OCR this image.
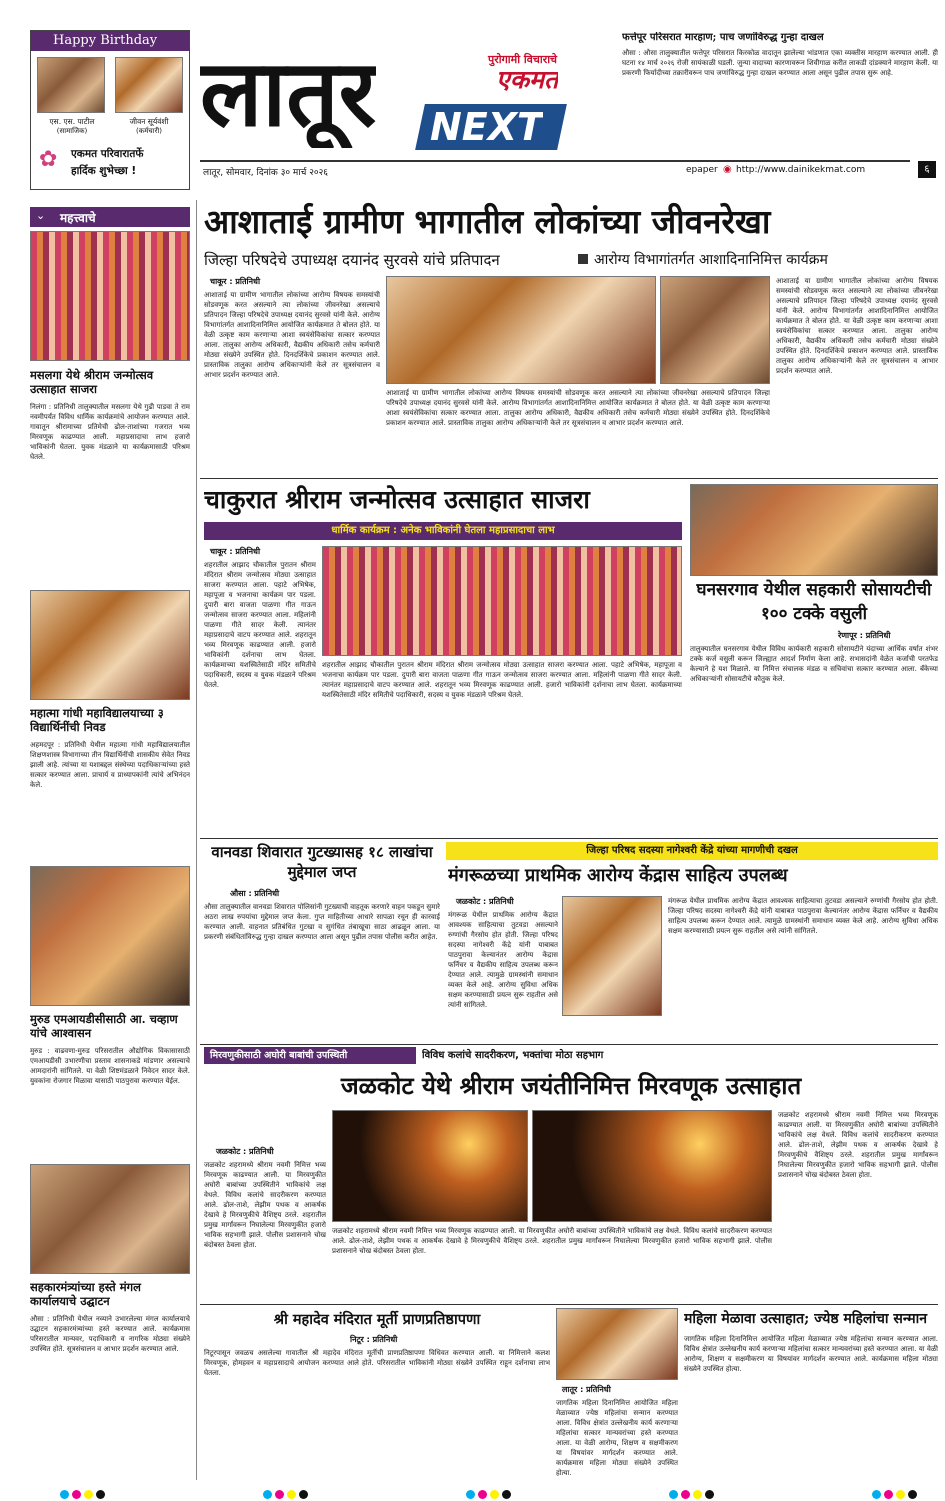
Happy Birthday
एस. एस. पाटील
(सामाजिक)
जीवन सूर्यवंशी
(कर्मचारी)
✿ एकमत परिवारातर्फे
हार्दिक शुभेच्छा !
लातूर	पुरोगामी विचाराचे
एकमत
NEXT
लातूर, सोमवार, दिनांक ३० मार्च २०२६	epaper ◉ http://www.dainikekmat.com	६
फत्तेपूर परिसरात मारहाण; पाच जणांविरुद्ध गुन्हा दाखल
औसा : औसा तालुक्यातील फत्तेपूर परिसरात किरकोळ वादातून झालेल्या भांडणात एका व्यक्तीस मारहाण करण्यात आली. ही घटना १४ मार्च २०२६ रोजी सायंकाळी घडली. जुन्या वादाच्या कारणावरून शिवीगाळ करीत लाकडी दांडक्याने मारहाण केली. या प्रकरणी फिर्यादीच्या तक्रारीवरून पाच जणांविरुद्ध गुन्हा दाखल करण्यात आला असून पुढील तपास सुरू आहे.
⌄ महत्त्वाचे
मसलगा येथे श्रीराम जन्मोत्सव उत्साहात साजरा
निलंगा : प्रतिनिधी तालुक्यातील मसलगा येथे गुढी पाडवा ते राम नवमीपर्यंत विविध धार्मिक कार्यक्रमांचे आयोजन करण्यात आले. गावातून श्रीरामाच्या प्रतिमेची ढोल-ताशांच्या गजरात भव्य मिरवणूक काढण्यात आली. महाप्रसादाचा लाभ हजारो भाविकांनी घेतला. युवक मंडळाने या कार्यक्रमासाठी परिश्रम घेतले.
महात्मा गांधी महाविद्यालयाच्या ३ विद्यार्थिनींची निवड
अहमदपूर : प्रतिनिधी येथील महात्मा गांधी महाविद्यालयातील शिक्षणशास्त्र विभागाच्या तीन विद्यार्थिनींची शासकीय सेवेत निवड झाली आहे. त्यांच्या या यशाबद्दल संस्थेच्या पदाधिकाऱ्यांच्या हस्ते सत्कार करण्यात आला. प्राचार्य व प्राध्यापकांनी त्यांचे अभिनंदन केले.
मुरुड एमआयडीसीसाठी आ. चव्हाण यांचे आश्वासन
मुरुड : वाढवणा-मुरुड परिसरातील औद्योगिक विकासासाठी एमआयडीसी उभारणीचा प्रस्ताव शासनाकडे मांडणार असल्याचे आमदारांनी सांगितले. या वेळी शिष्टमंडळाने निवेदन सादर केले. युवकांना रोजगार मिळावा यासाठी पाठपुरावा करण्यात येईल.
सहकारमंत्र्यांच्या हस्ते मंगल कार्यालयाचे उद्घाटन
औसा : प्रतिनिधी येथील नव्याने उभारलेल्या मंगल कार्यालयाचे उद्घाटन सहकारमंत्र्यांच्या हस्ते करण्यात आले. कार्यक्रमास परिसरातील मान्यवर, पदाधिकारी व नागरिक मोठ्या संख्येने उपस्थित होते. सूत्रसंचालन व आभार प्रदर्शन करण्यात आले.
आशाताई ग्रामीण भागातील लोकांच्या जीवनरेखा
जिल्हा परिषदेचे उपाध्यक्ष दयानंद सुरवसे यांचे प्रतिपादन	आरोग्य विभागांतर्गत आशादिनानिमित्त कार्यक्रम
चाकूर : प्रतिनिधी
आशाताई या ग्रामीण भागातील लोकांच्या आरोग्य विषयक समस्यांची सोडवणूक करत असल्याने त्या लोकांच्या जीवनरेखा असल्याचे प्रतिपादन जिल्हा परिषदेचे उपाध्यक्ष दयानंद सुरवसे यांनी केले. आरोग्य विभागांतर्गत आशादिनानिमित्त आयोजित कार्यक्रमात ते बोलत होते. या वेळी उत्कृष्ट काम करणाऱ्या आशा स्वयंसेविकांचा सत्कार करण्यात आला. तालुका आरोग्य अधिकारी, वैद्यकीय अधिकारी तसेच कर्मचारी मोठ्या संख्येने उपस्थित होते. दिनदर्शिकेचे प्रकाशन करण्यात आले. प्रास्ताविक तालुका आरोग्य अधिकाऱ्यांनी केले तर सूत्रसंचालन व आभार प्रदर्शन करण्यात आले.
आशाताई या ग्रामीण भागातील लोकांच्या आरोग्य विषयक समस्यांची सोडवणूक करत असल्याने त्या लोकांच्या जीवनरेखा असल्याचे प्रतिपादन जिल्हा परिषदेचे उपाध्यक्ष दयानंद सुरवसे यांनी केले. आरोग्य विभागांतर्गत आशादिनानिमित्त आयोजित कार्यक्रमात ते बोलत होते. या वेळी उत्कृष्ट काम करणाऱ्या आशा स्वयंसेविकांचा सत्कार करण्यात आला. तालुका आरोग्य अधिकारी, वैद्यकीय अधिकारी तसेच कर्मचारी मोठ्या संख्येने उपस्थित होते. दिनदर्शिकेचे प्रकाशन करण्यात आले. प्रास्ताविक तालुका आरोग्य अधिकाऱ्यांनी केले तर सूत्रसंचालन व आभार प्रदर्शन करण्यात आले.
आशाताई या ग्रामीण भागातील लोकांच्या आरोग्य विषयक समस्यांची सोडवणूक करत असल्याने त्या लोकांच्या जीवनरेखा असल्याचे प्रतिपादन जिल्हा परिषदेचे उपाध्यक्ष दयानंद सुरवसे यांनी केले. आरोग्य विभागांतर्गत आशादिनानिमित्त आयोजित कार्यक्रमात ते बोलत होते. या वेळी उत्कृष्ट काम करणाऱ्या आशा स्वयंसेविकांचा सत्कार करण्यात आला. तालुका आरोग्य अधिकारी, वैद्यकीय अधिकारी तसेच कर्मचारी मोठ्या संख्येने उपस्थित होते. दिनदर्शिकेचे प्रकाशन करण्यात आले. प्रास्ताविक तालुका आरोग्य अधिकाऱ्यांनी केले तर सूत्रसंचालन व आभार प्रदर्शन करण्यात आले.
चाकुरात श्रीराम जन्मोत्सव उत्साहात साजरा
धार्मिक कार्यक्रम : अनेक भाविकांनी घेतला महाप्रसादाचा लाभ
चाकूर : प्रतिनिधी
शहरातील आझाद चौकातील पुरातन श्रीराम मंदिरात श्रीराम जन्मोत्सव मोठ्या उत्साहात साजरा करण्यात आला. पहाटे अभिषेक, महापूजा व भजनाचा कार्यक्रम पार पडला. दुपारी बारा वाजता पाळणा गीत गाऊन जन्मोत्सव साजरा करण्यात आला. महिलांनी पाळणा गीते सादर केली. त्यानंतर महाप्रसादाचे वाटप करण्यात आले. शहरातून भव्य मिरवणूक काढण्यात आली. हजारो भाविकांनी दर्शनाचा लाभ घेतला. कार्यक्रमाच्या यशस्वितेसाठी मंदिर समितीचे पदाधिकारी, सदस्य व युवक मंडळाने परिश्रम घेतले.
शहरातील आझाद चौकातील पुरातन श्रीराम मंदिरात श्रीराम जन्मोत्सव मोठ्या उत्साहात साजरा करण्यात आला. पहाटे अभिषेक, महापूजा व भजनाचा कार्यक्रम पार पडला. दुपारी बारा वाजता पाळणा गीत गाऊन जन्मोत्सव साजरा करण्यात आला. महिलांनी पाळणा गीते सादर केली. त्यानंतर महाप्रसादाचे वाटप करण्यात आले. शहरातून भव्य मिरवणूक काढण्यात आली. हजारो भाविकांनी दर्शनाचा लाभ घेतला. कार्यक्रमाच्या यशस्वितेसाठी मंदिर समितीचे पदाधिकारी, सदस्य व युवक मंडळाने परिश्रम घेतले.
घनसरगाव येथील सहकारी सोसायटीची १०० टक्के वसुली
रेणापूर : प्रतिनिधी
तालुक्यातील घनसरगाव येथील विविध कार्यकारी सहकारी सोसायटीने यंदाच्या आर्थिक वर्षात शंभर टक्के कर्ज वसुली करून जिल्ह्यात आदर्श निर्माण केला आहे. सभासदांनी वेळेत कर्जाची परतफेड केल्याने हे यश मिळाले. या निमित्त संचालक मंडळ व सचिवांचा सत्कार करण्यात आला. बँकेच्या अधिकाऱ्यांनी सोसायटीचे कौतुक केले.
वानवडा शिवारात गुटख्यासह १८ लाखांचा मुद्देमाल जप्त
औसा : प्रतिनिधी
औसा तालुक्यातील वानवडा शिवारात पोलिसांनी गुटख्याची वाहतूक करणारे वाहन पकडून सुमारे अठरा लाख रुपयांचा मुद्देमाल जप्त केला. गुप्त माहितीच्या आधारे सापळा रचून ही कारवाई करण्यात आली. वाहनात प्रतिबंधित गुटखा व सुगंधित तंबाखूचा साठा आढळून आला. या प्रकरणी संबंधितांविरुद्ध गुन्हा दाखल करण्यात आला असून पुढील तपास पोलीस करीत आहेत.
जिल्हा परिषद सदस्या नागेश्वरी केंद्रे यांच्या मागणीची दखल
मंगरूळच्या प्राथमिक आरोग्य केंद्रास साहित्य उपलब्ध
जळकोट : प्रतिनिधी
मंगरूळ येथील प्राथमिक आरोग्य केंद्रात आवश्यक साहित्याचा तुटवडा असल्याने रुग्णांची गैरसोय होत होती. जिल्हा परिषद सदस्या नागेश्वरी केंद्रे यांनी याबाबत पाठपुरावा केल्यानंतर आरोग्य केंद्रास फर्निचर व वैद्यकीय साहित्य उपलब्ध करून देण्यात आले. त्यामुळे ग्रामस्थांनी समाधान व्यक्त केले आहे. आरोग्य सुविधा अधिक सक्षम करण्यासाठी प्रयत्न सुरू राहतील असे त्यांनी सांगितले.
मंगरूळ येथील प्राथमिक आरोग्य केंद्रात आवश्यक साहित्याचा तुटवडा असल्याने रुग्णांची गैरसोय होत होती. जिल्हा परिषद सदस्या नागेश्वरी केंद्रे यांनी याबाबत पाठपुरावा केल्यानंतर आरोग्य केंद्रास फर्निचर व वैद्यकीय साहित्य उपलब्ध करून देण्यात आले. त्यामुळे ग्रामस्थांनी समाधान व्यक्त केले आहे. आरोग्य सुविधा अधिक सक्षम करण्यासाठी प्रयत्न सुरू राहतील असे त्यांनी सांगितले.
मिरवणुकीसाठी अघोरी बाबांची उपस्थिती	विविध कलांचे सादरीकरण, भक्तांचा मोठा सहभाग
जळकोट येथे श्रीराम जयंतीनिमित्त मिरवणूक उत्साहात
जळकोट : प्रतिनिधी
जळकोट शहरामध्ये श्रीराम नवमी निमित्त भव्य मिरवणूक काढण्यात आली. या मिरवणुकीत अघोरी बाबांच्या उपस्थितीने भाविकांचे लक्ष वेधले. विविध कलांचे सादरीकरण करण्यात आले. ढोल-ताशे, लेझीम पथक व आकर्षक देखावे हे मिरवणुकीचे वैशिष्ट्य ठरले. शहरातील प्रमुख मार्गांवरून निघालेल्या मिरवणुकीत हजारो भाविक सहभागी झाले. पोलीस प्रशासनाने चोख बंदोबस्त ठेवला होता.
जळकोट शहरामध्ये श्रीराम नवमी निमित्त भव्य मिरवणूक काढण्यात आली. या मिरवणुकीत अघोरी बाबांच्या उपस्थितीने भाविकांचे लक्ष वेधले. विविध कलांचे सादरीकरण करण्यात आले. ढोल-ताशे, लेझीम पथक व आकर्षक देखावे हे मिरवणुकीचे वैशिष्ट्य ठरले. शहरातील प्रमुख मार्गांवरून निघालेल्या मिरवणुकीत हजारो भाविक सहभागी झाले. पोलीस प्रशासनाने चोख बंदोबस्त ठेवला होता.
जळकोट शहरामध्ये श्रीराम नवमी निमित्त भव्य मिरवणूक काढण्यात आली. या मिरवणुकीत अघोरी बाबांच्या उपस्थितीने भाविकांचे लक्ष वेधले. विविध कलांचे सादरीकरण करण्यात आले. ढोल-ताशे, लेझीम पथक व आकर्षक देखावे हे मिरवणुकीचे वैशिष्ट्य ठरले. शहरातील प्रमुख मार्गांवरून निघालेल्या मिरवणुकीत हजारो भाविक सहभागी झाले. पोलीस प्रशासनाने चोख बंदोबस्त ठेवला होता.
श्री महादेव मंदिरात मूर्ती प्राणप्रतिष्ठापणा
निटूर : प्रतिनिधी
निटूरपासून जवळच असलेल्या गावातील श्री महादेव मंदिरात मूर्तीची प्राणप्रतिष्ठापणा विधिवत करण्यात आली. या निमित्ताने कलश मिरवणूक, होमहवन व महाप्रसादाचे आयोजन करण्यात आले होते. परिसरातील भाविकांनी मोठ्या संख्येने उपस्थित राहून दर्शनाचा लाभ घेतला.
लातूर : प्रतिनिधी
जागतिक महिला दिनानिमित्त आयोजित महिला मेळाव्यात ज्येष्ठ महिलांचा सन्मान करण्यात आला. विविध क्षेत्रांत उल्लेखनीय कार्य करणाऱ्या महिलांचा सत्कार मान्यवरांच्या हस्ते करण्यात आला. या वेळी आरोग्य, शिक्षण व सक्षमीकरण या विषयांवर मार्गदर्शन करण्यात आले. कार्यक्रमास महिला मोठ्या संख्येने उपस्थित होत्या.
महिला मेळावा उत्साहात; ज्येष्ठ महिलांचा सन्मान
जागतिक महिला दिनानिमित्त आयोजित महिला मेळाव्यात ज्येष्ठ महिलांचा सन्मान करण्यात आला. विविध क्षेत्रांत उल्लेखनीय कार्य करणाऱ्या महिलांचा सत्कार मान्यवरांच्या हस्ते करण्यात आला. या वेळी आरोग्य, शिक्षण व सक्षमीकरण या विषयांवर मार्गदर्शन करण्यात आले. कार्यक्रमास महिला मोठ्या संख्येने उपस्थित होत्या.
